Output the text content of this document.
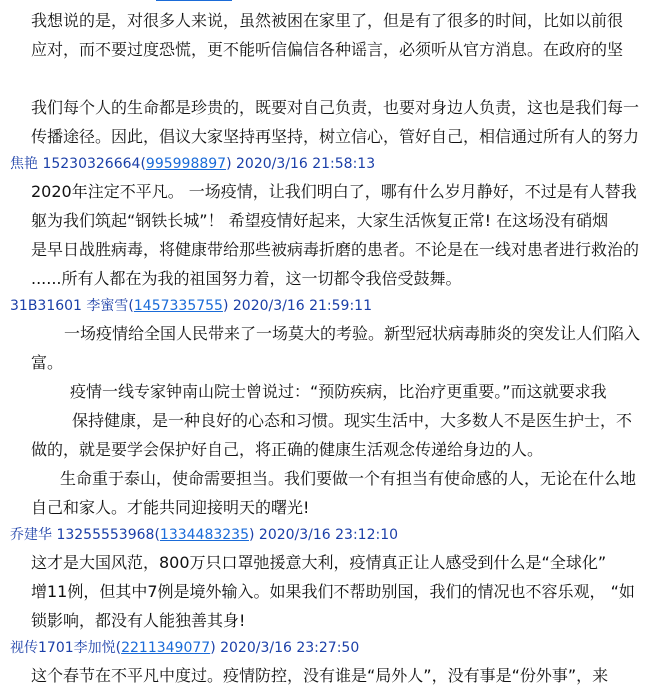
我想说的是，对很多人来说，虽然被困在家里了，但是有了很多的时间，比如以前很
应对，而不要过度恐慌，更不能听信偏信各种谣言，必须听从官方消息。在政府的坚
我们每个人的生命都是珍贵的，既要对自己负责，也要对身边人负责，这也是我们每一
传播途径。因此，倡议大家坚持再坚持，树立信心，管好自己，相信通过所有人的努力
焦艳 15230326664(995998897) 2020/3/16 21:58:13
2020年注定不平凡。 一场疫情，让我们明白了，哪有什么岁月静好，不过是有人替我
躯为我们筑起“钢铁长城”！ 希望疫情好起来，大家生活恢复正常! 在这场没有硝烟
是早日战胜病毒，将健康带给那些被病毒折磨的患者。不论是在一线对患者进行救治的
......所有人都在为我的祖国努力着，这一切都令我倍受鼓舞。
31B31601 李蜜雪(1457335755) 2020/3/16 21:59:11
一场疫情给全国人民带来了一场莫大的考验。新型冠状病毒肺炎的突发让人们陷入
富。
疫情一线专家钟南山院士曾说过：“预防疾病，比治疗更重要。”而这就要求我
保持健康，是一种良好的心态和习惯。现实生活中，大多数人不是医生护士，不
做的，就是要学会保护好自己，将正确的健康生活观念传递给身边的人。
生命重于泰山，使命需要担当。我们要做一个有担当有使命感的人，无论在什么地
自己和家人。才能共同迎接明天的曙光!
乔建华 13255553968(1334483235) 2020/3/16 23:12:10
这才是大国风范，800万只口罩弛援意大利，疫情真正让人感受到什么是“全球化”
增11例，但其中7例是境外输入。如果我们不帮助别国，我们的情况也不容乐观， “如
锁影响，都没有人能独善其身!
视传1701李加悦(2211349077) 2020/3/16 23:27:50
这个春节在不平凡中度过。疫情防控，没有谁是“局外人”，没有事是“份外事”，来
